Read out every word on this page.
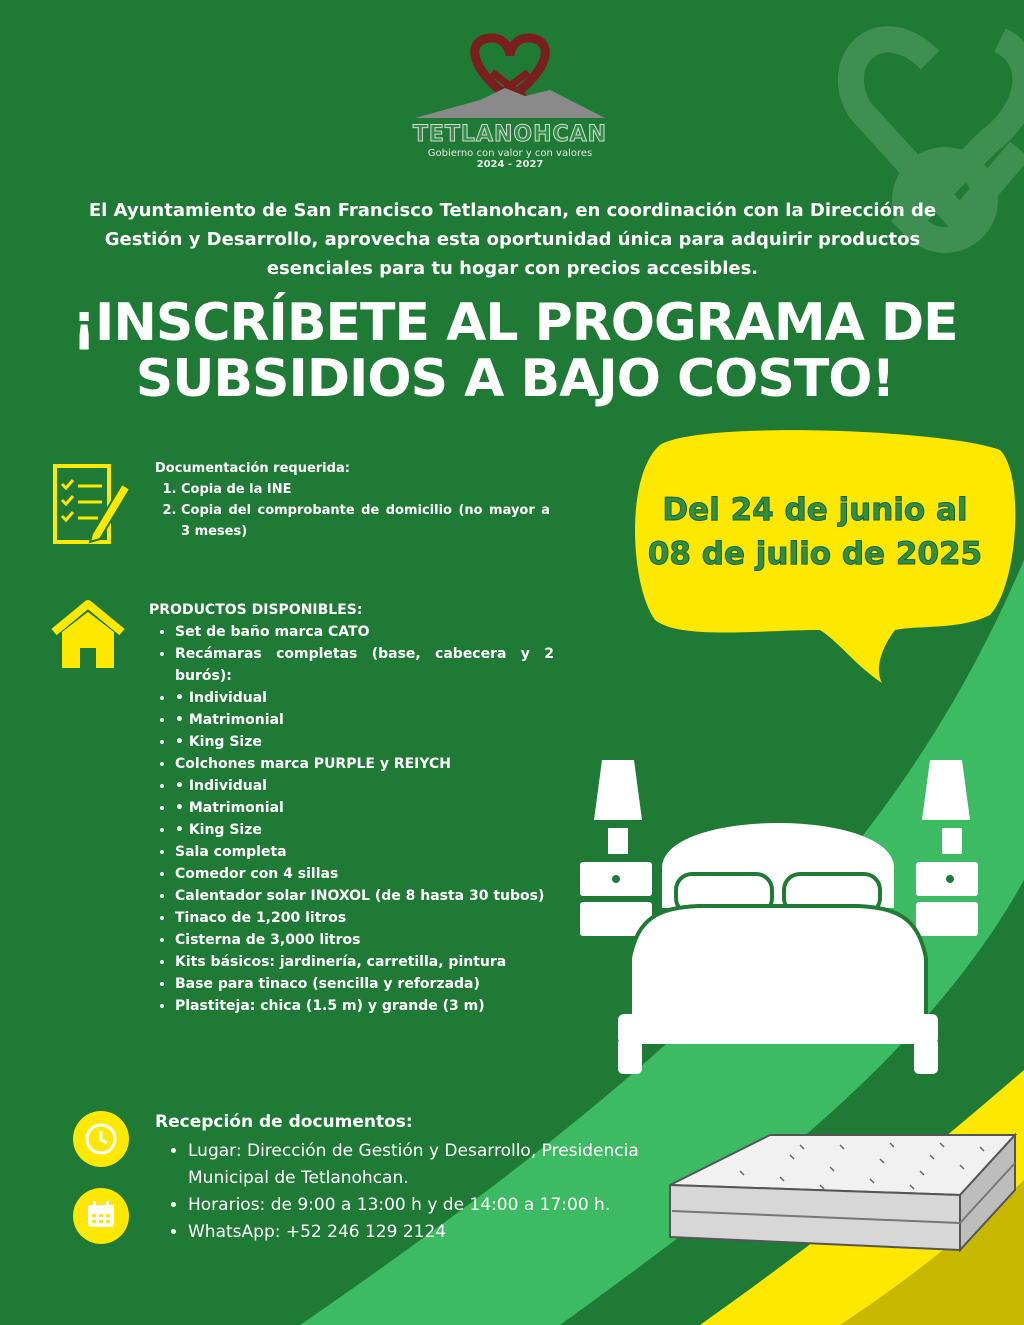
TETLANOHCAN
Gobierno con valor y con valores
2024 - 2027
El Ayuntamiento de San Francisco Tetlanohcan, en coordinación con la Dirección de Gestión y Desarrollo, aprovecha esta oportunidad única para adquirir productos esenciales para tu hogar con precios accesibles.
¡INSCRÍBETE AL PROGRAMA DE
SUBSIDIOS A BAJO COSTO!
Del 24 de junio al
08 de julio de 2025
Documentación requerida:
1. Copia de la INE
2. Copia del comprobante de domicilio (no mayor a 3 meses)
PRODUCTOS DISPONIBLES:
• Set de baño marca CATO
• Recámaras completas (base, cabecera y 2 burós):
• • Individual
• • Matrimonial
• • King Size
• Colchones marca PURPLE y REIYCH
• • Individual
• • Matrimonial
• • King Size
• Sala completa
• Comedor con 4 sillas
• Calentador solar INOXOL (de 8 hasta 30 tubos)
• Tinaco de 1,200 litros
• Cisterna de 3,000 litros
• Kits básicos: jardinería, carretilla, pintura
• Base para tinaco (sencilla y reforzada)
• Plastiteja: chica (1.5 m) y grande (3 m)
Recepción de documentos:
• Lugar: Dirección de Gestión y Desarrollo, Presidencia Municipal de Tetlanohcan.
• Horarios: de 9:00 a 13:00 h y de 14:00 a 17:00 h.
• WhatsApp: +52 246 129 2124
